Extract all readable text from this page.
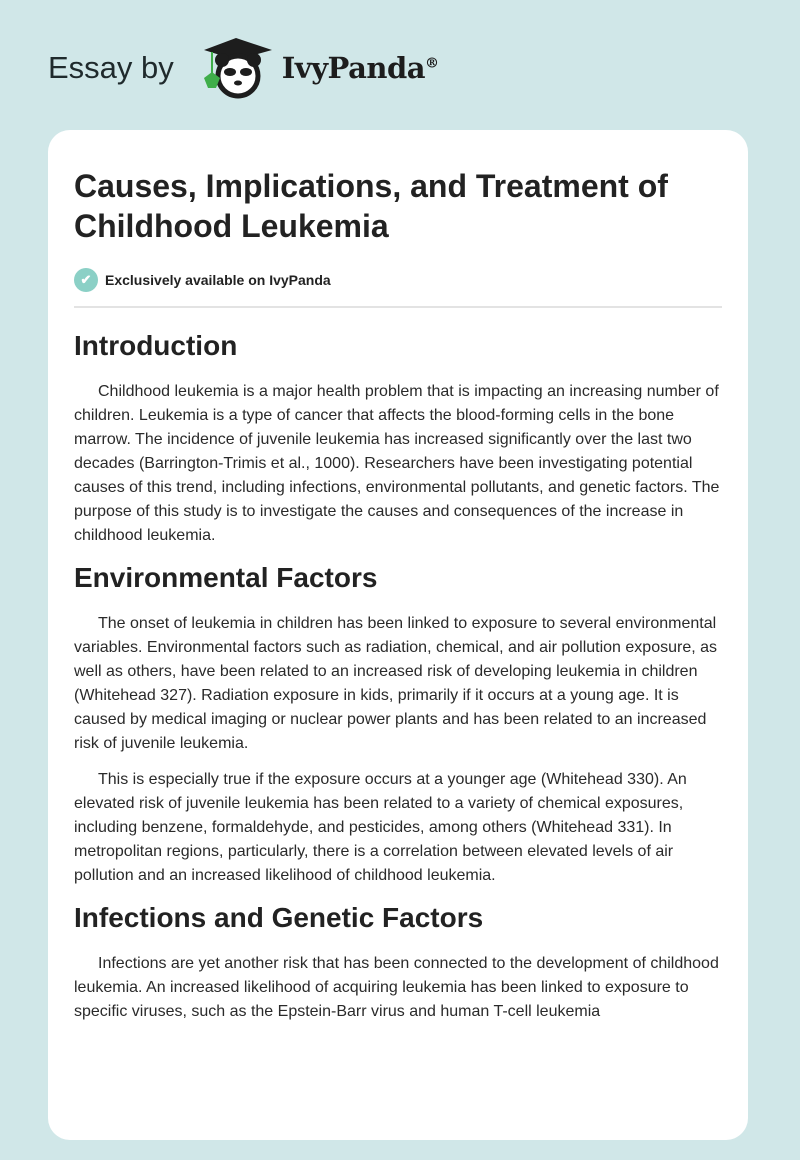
Essay by	IvyPanda®
Causes, Implications, and Treatment of Childhood Leukemia
✔ Exclusively available on IvyPanda
Introduction

Childhood leukemia is a major health problem that is impacting an increasing number of children. Leukemia is a type of cancer that affects the blood-forming cells in the bone marrow. The incidence of juvenile leukemia has increased significantly over the last two decades (Barrington-Trimis et al., 1000). Researchers have been investigating potential causes of this trend, including infections, environmental pollutants, and genetic factors. The purpose of this study is to investigate the causes and consequences of the increase in childhood leukemia.

Environmental Factors

The onset of leukemia in children has been linked to exposure to several environmental variables. Environmental factors such as radiation, chemical, and air pollution exposure, as well as others, have been related to an increased risk of developing leukemia in children (Whitehead 327). Radiation exposure in kids, primarily if it occurs at a young age. It is caused by medical imaging or nuclear power plants and has been related to an increased risk of juvenile leukemia.

This is especially true if the exposure occurs at a younger age (Whitehead 330). An elevated risk of juvenile leukemia has been related to a variety of chemical exposures, including benzene, formaldehyde, and pesticides, among others (Whitehead 331). In metropolitan regions, particularly, there is a correlation between elevated levels of air pollution and an increased likelihood of childhood leukemia.

Infections and Genetic Factors

Infections are yet another risk that has been connected to the development of childhood leukemia. An increased likelihood of acquiring leukemia has been linked to exposure to specific viruses, such as the Epstein-Barr virus and human T-cell leukemia
